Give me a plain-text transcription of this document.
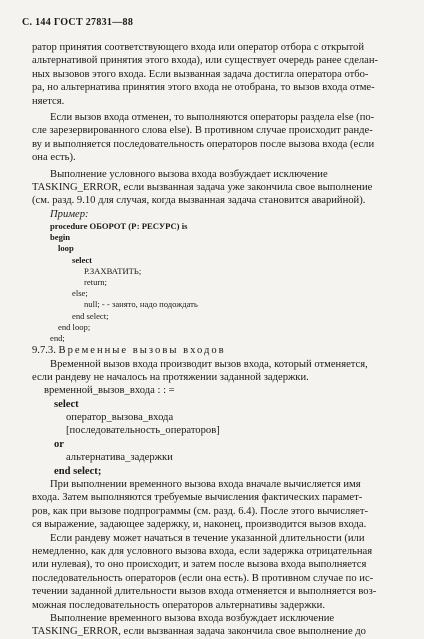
С. 144 ГОСТ 27831—88
ратор принятия соответствующего входа или оператор отбора с открытой
альтернативой принятия этого входа), или существует очередь ранее сделан-
ных вызовов этого входа. Если вызванная задача достигла оператора отбо-
ра, но альтернатива принятия этого входа не отобрана, то вызов входа отме-
няется.
Если вызов входа отменен, то выполняются операторы раздела else (по-
сле зарезервированного слова else). В противном случае происходит ранде-
ву и выполняется последовательность операторов после вызова входа (если
она есть).
Выполнение условного вызова входа возбуждает исключение
TASKING_ERROR, если вызванная задача уже закончила свое выполнение
(см. разд. 9.10 для случая, когда вызванная задача становится аварийной).
Пример:
procedure ОБОРОТ (Р: РЕСУРС) is
begin
loop
select
Р.ЗАХВАТИТЬ;
return;
else;
null; - - занято, надо подождать
end select;
end loop;
end;
9.7.3. Временные вызовы входов
Временной вызов входа производит вызов входа, который отменяется,
если рандеву не началось на протяжении заданной задержки.
временной_вызов_входа : : =
select
оператор_вызова_входа
[последовательность_операторов]
or
альтернатива_задержки
end select;
При выполнении временного вызова входа вначале вычисляется имя
входа. Затем выполняются требуемые вычисления фактических парамет-
ров, как при вызове подпрограммы (см. разд. 6.4). После этого вычисляет-
ся выражение, задающее задержку, и, наконец, производится вызов входа.
Если рандеву может начаться в течение указанной длительности (или
немедленно, как для условного вызова входа, если задержка отрицательная
или нулевая), то оно происходит, и затем после вызова входа выполняется
последовательность операторов (если она есть). В противном случае по ис-
течении заданной длительности вызов входа отменяется и выполняется воз-
можная последовательность операторов альтернативы задержки.
Выполнение временного вызова входа возбуждает исключение
TASKING_ERROR, если вызванная задача закончила свое выполнение до
